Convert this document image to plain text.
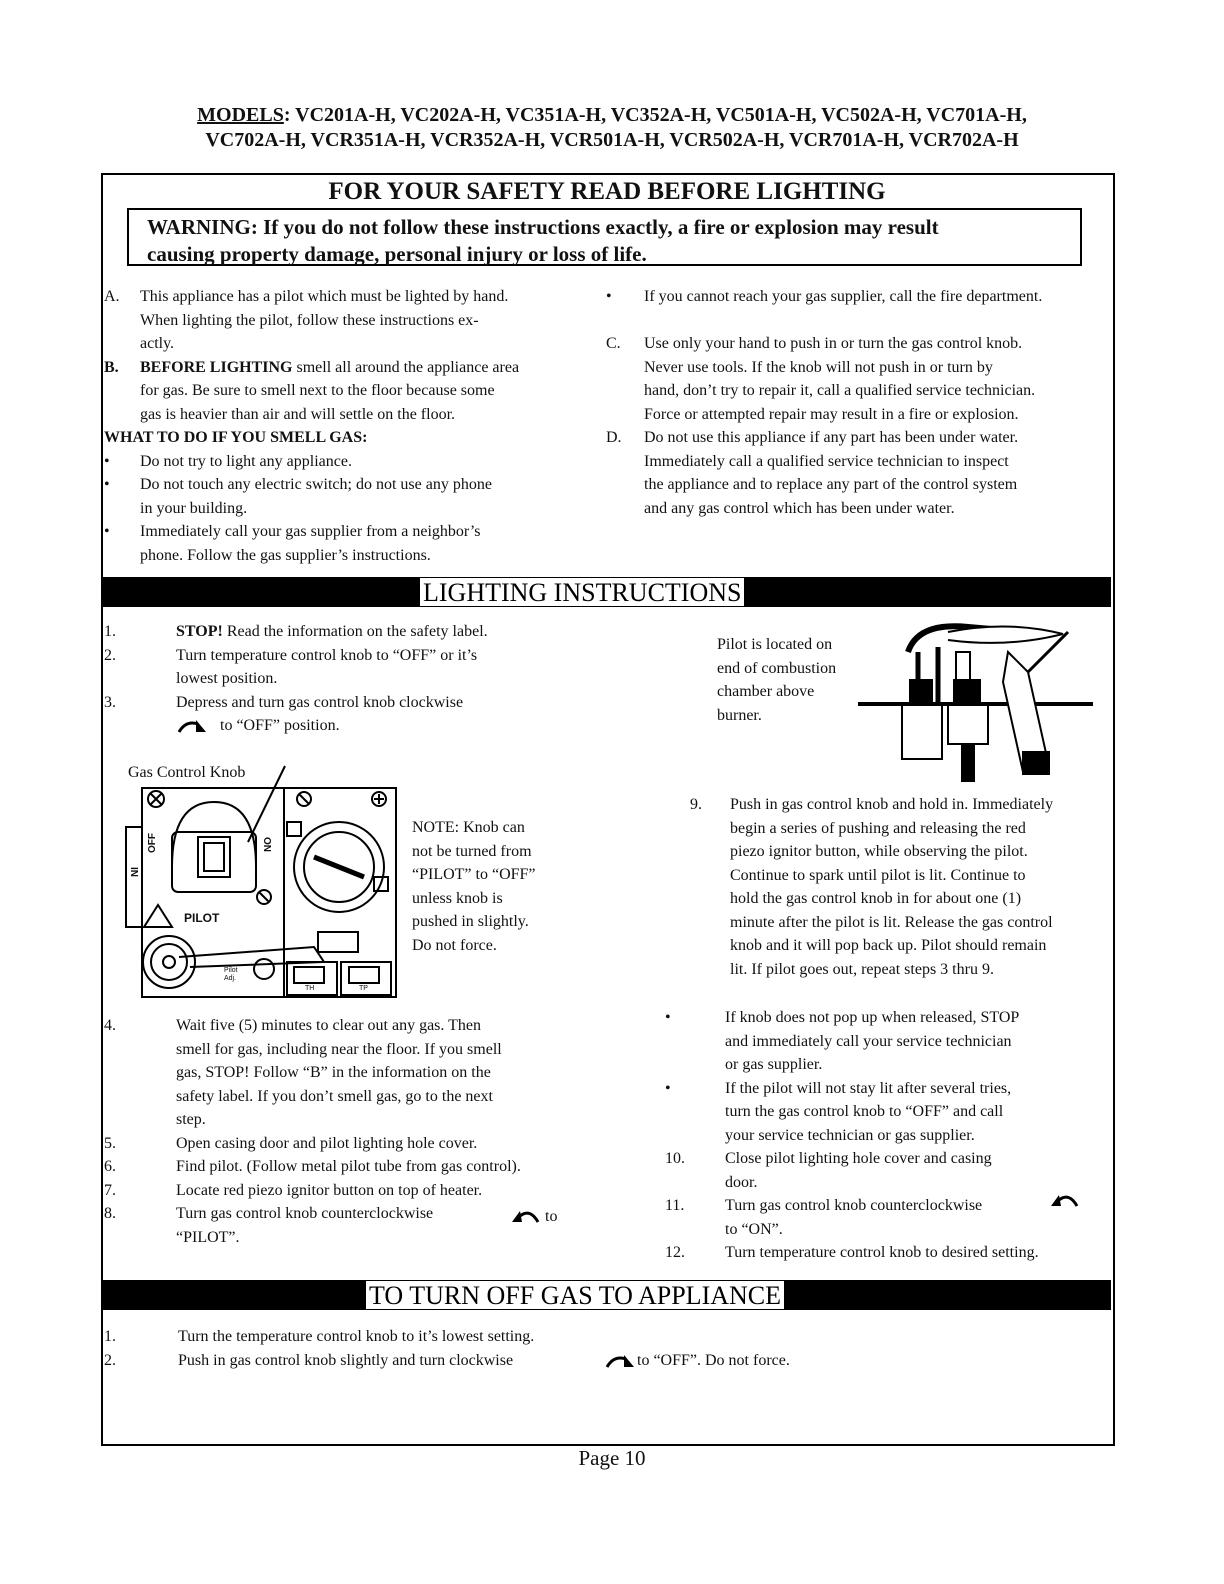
MODELS: VC201A-H, VC202A-H, VC351A-H, VC352A-H, VC501A-H, VC502A-H, VC701A-H,
VC702A-H, VCR351A-H, VCR352A-H, VCR501A-H, VCR502A-H, VCR701A-H, VCR702A-H
FOR YOUR SAFETY READ BEFORE LIGHTING
WARNING: If you do not follow these instructions exactly, a fire or explosion may result
causing property damage, personal injury or loss of life.
A. This appliance has a pilot which must be lighted by hand.
When lighting the pilot, follow these instructions ex-
actly.
B. BEFORE LIGHTING smell all around the appliance area
for gas. Be sure to smell next to the floor because some
gas is heavier than air and will settle on the floor.
WHAT TO DO IF YOU SMELL GAS:
• Do not try to light any appliance.
• Do not touch any electric switch; do not use any phone
in your building.
• Immediately call your gas supplier from a neighbor’s
phone. Follow the gas supplier’s instructions.
• If you cannot reach your gas supplier, call the fire department.
C. Use only your hand to push in or turn the gas control knob.
Never use tools. If the knob will not push in or turn by
hand, don’t try to repair it, call a qualified service technician.
Force or attempted repair may result in a fire or explosion.
D. Do not use this appliance if any part has been under water.
Immediately call a qualified service technician to inspect
the appliance and to replace any part of the control system
and any gas control which has been under water.
LIGHTING INSTRUCTIONS
1.	STOP! Read the information on the safety label.
2.	Turn temperature control knob to “OFF” or it’s
lowest position.
3.	Depress and turn gas control knob clockwise
to “OFF” position.
Pilot is located on
end of combustion
chamber above
burner.
Gas Control Knob
OFF	ON
IN
PILOT
Pilot Adj.
TH	TP
NOTE: Knob can
not be turned from
“PILOT” to “OFF”
unless knob is
pushed in slightly.
Do not force.
9. Push in gas control knob and hold in. Immediately
begin a series of pushing and releasing the red
piezo ignitor button, while observing the pilot.
Continue to spark until pilot is lit. Continue to
hold the gas control knob in for about one (1)
minute after the pilot is lit. Release the gas control
knob and it will pop back up. Pilot should remain
lit. If pilot goes out, repeat steps 3 thru 9.
4.	Wait five (5) minutes to clear out any gas. Then
smell for gas, including near the floor. If you smell
gas, STOP! Follow “B” in the information on the
safety label. If you don’t smell gas, go to the next
step.
5.	Open casing door and pilot lighting hole cover.
6.	Find pilot. (Follow metal pilot tube from gas control).
7.	Locate red piezo ignitor button on top of heater.
8.	Turn gas control knob counterclockwise
“PILOT”.
to
•	If knob does not pop up when released, STOP
and immediately call your service technician
or gas supplier.
•	If the pilot will not stay lit after several tries,
turn the gas control knob to “OFF” and call
your service technician or gas supplier.
10.	Close pilot lighting hole cover and casing
door.
11.	Turn gas control knob counterclockwise
to “ON”.
12.	Turn temperature control knob to desired setting.
TO TURN OFF GAS TO APPLIANCE
1.	Turn the temperature control knob to it’s lowest setting.
2.	Push in gas control knob slightly and turn clockwise	to “OFF”. Do not force.
Page 10
